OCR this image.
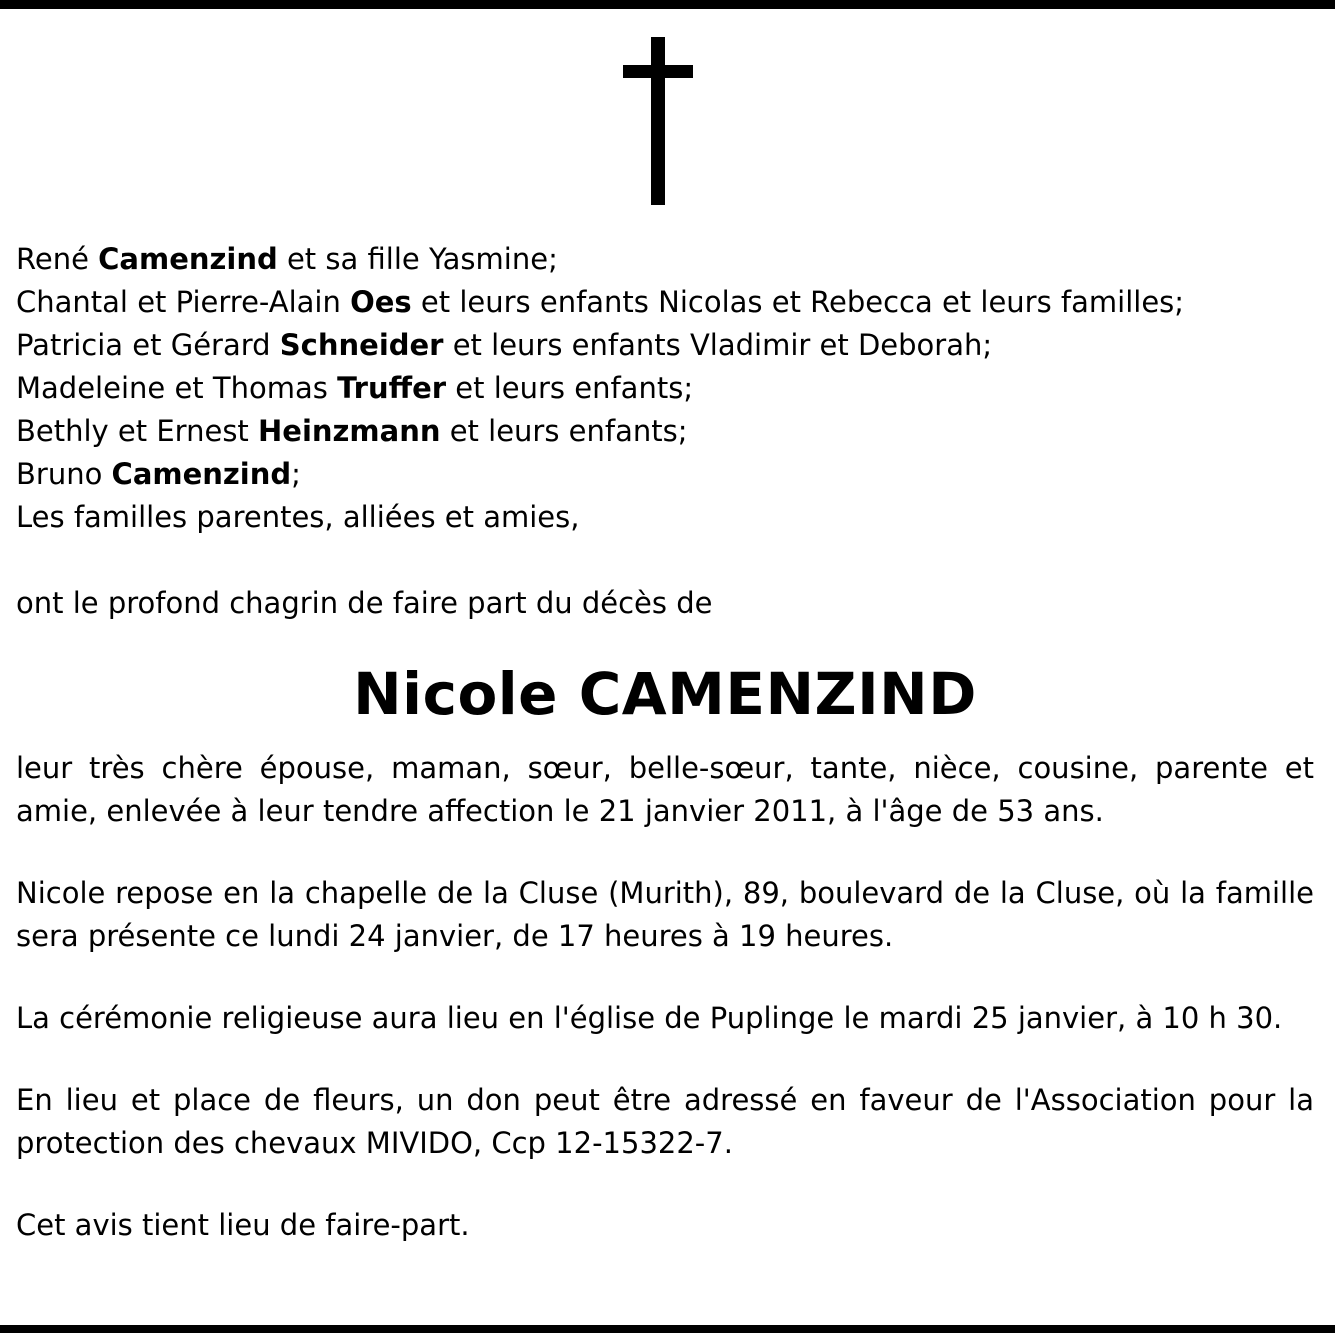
René Camenzind et sa fille Yasmine;

Chantal et Pierre-Alain Oes et leurs enfants Nicolas et Rebecca et leurs familles;

Patricia et Gérard Schneider et leurs enfants Vladimir et Deborah;

Madeleine et Thomas Truffer et leurs enfants;

Bethly et Ernest Heinzmann et leurs enfants;

Bruno Camenzind;

Les familles parentes, alliées et amies,

ont le profond chagrin de faire part du décès de

Nicole CAMENZIND

leur très chère épouse, maman, sœur, belle-sœur, tante, nièce, cousine, parente et amie, enlevée à leur tendre affection le 21 janvier 2011, à l'âge de 53 ans.

Nicole repose en la chapelle de la Cluse (Murith), 89, boulevard de la Cluse, où la famille sera présente ce lundi 24 janvier, de 17 heures à 19 heures.

La cérémonie religieuse aura lieu en l'église de Puplinge le mardi 25 janvier, à 10 h 30.

En lieu et place de fleurs, un don peut être adressé en faveur de l'Association pour la protection des chevaux MIVIDO, Ccp 12-15322-7.

Cet avis tient lieu de faire-part.
